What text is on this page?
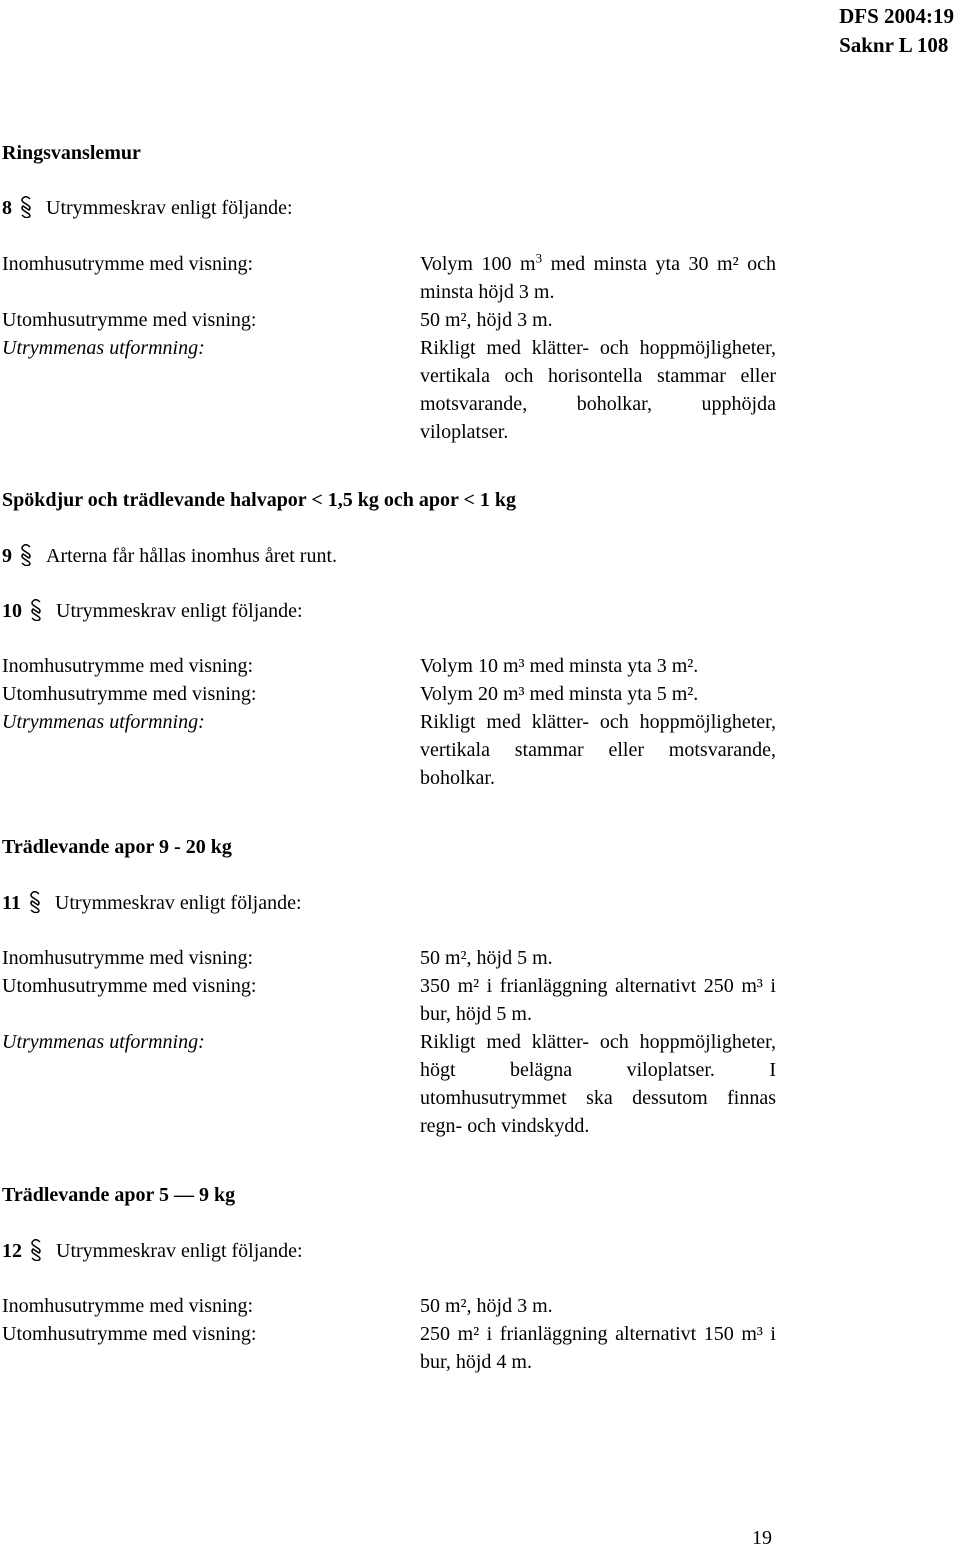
DFS 2004:19
Saknr L 108
Ringsvanslemur
8 Utrymmeskrav enligt följande:
Inomhusutrymme med visning:	Volym 100 $m^3$ med minsta yta 30 m² och minsta höjd 3 m.
Utomhusutrymme med visning:	50 m², höjd 3 m.
Utrymmenas utformning:	Rikligt med klätter- och hoppmöjligheter, vertikala och horisontella stammar eller motsvarande, boholkar, upphöjda viloplatser.
Spökdjur och trädlevande halvapor < 1,5 kg och apor < 1 kg
9 Arterna får hållas inomhus året runt.
10 Utrymmeskrav enligt följande:
Inomhusutrymme med visning:	Volym 10 m³ med minsta yta 3 m².
Utomhusutrymme med visning:	Volym 20 m³ med minsta yta 5 m².
Utrymmenas utformning:	Rikligt med klätter- och hoppmöjligheter, vertikala stammar eller motsvarande, boholkar.
Trädlevande apor 9 - 20 kg
11 Utrymmeskrav enligt följande:
Inomhusutrymme med visning:	50 m², höjd 5 m.
Utomhusutrymme med visning:	350 m² i frianläggning alternativt 250 m³ i bur, höjd 5 m.
Utrymmenas utformning:	Rikligt med klätter- och hoppmöjligheter, högt belägna viloplatser. I utomhusutrymmet ska dessutom finnas regn- och vindskydd.
Trädlevande apor 5 — 9 kg
12 Utrymmeskrav enligt följande:
Inomhusutrymme med visning:	50 m², höjd 3 m.
Utomhusutrymme med visning:	250 m² i frianläggning alternativt 150 m³ i bur, höjd 4 m.
19
